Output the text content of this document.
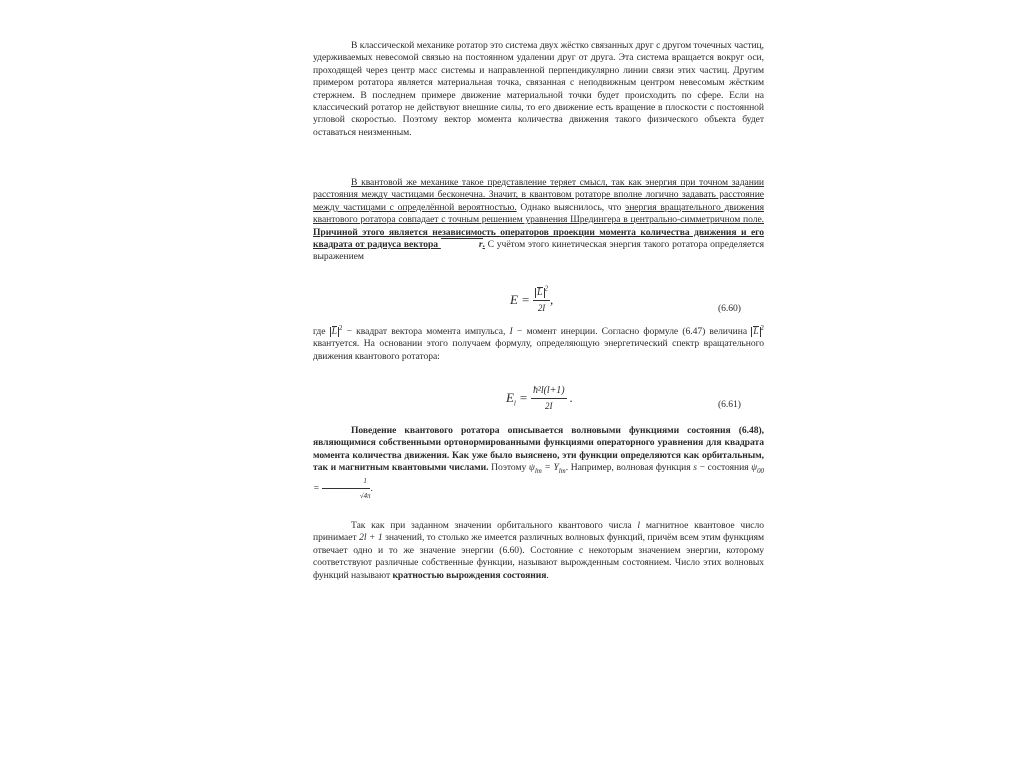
В классической механике ротатор это система двух жёстко связанных друг с другом точечных частиц, удерживаемых невесомой связью на постоянном удалении друг от друга. Эта система вращается вокруг оси, проходящей через центр масс системы и направленной перпендикулярно линии связи этих частиц. Другим примером ротатора является материальная точка, связанная с неподвижным центром невесомым жёстким стержнем. В последнем примере движение материальной точки будет происходить по сфере. Если на классический ротатор не действуют внешние силы, то его движение есть вращение в плоскости с постоянной угловой скоростью. Поэтому вектор момента количества движения такого физического объекта будет оставаться неизменным.

В квантовой же механике такое представление теряет смысл, так как энергия при точном задании расстояния между частицами бесконечна. Значит, в квантовом ротаторе вполне логично задавать расстояние между частицами с определённой вероятностью. Однако выяснилось, что энергия вращательного движения квантового ротатора совпадает с точным решением уравнения Шредингера в центрально-симметричном поле. Причиной этого является независимость операторов проекции момента количества движения и его квадрата от радиуса вектора	r. С учётом этого кинетическая энергия такого ротатора определяется выражением

$E = \frac{L ^2}{2I}$ ,
(6.60)

где L $^2$ − квадрат вектора момента импульса, I − момент инерции. Согласно формуле (6.47) величина L $^2$ квантуется. На основании этого получаем формулу, определяющую энергетический спектр вращательного движения квантового ротатора:

$E_l = \frac{\text{ħ²l(l+1)}}{2I}$ .	(6.61)

Поведение квантового ротатора описывается волновыми функциями состояния (6.48), являющимися собственными ортонормированными функциями операторного уравнения для квадрата момента количества движения. Как уже было выяснено, эти функции определяются как орбитальным, так и магнитным квантовыми числами. Поэтому $\psi_{lm} = Y_{lm}$. Например, волновая функция s − состояния $\psi_{00} = \frac{1}{√4\pi}$ .

Так как при заданном значении орбитального квантового числа l магнитное квантовое число принимает 2l + 1 значений, то столько же имеется различных волновых функций, причём всем этим функциям отвечает одно и то же значение энергии (6.60). Состояние с некоторым значением энергии, которому соответствуют различные собственные функции, называют вырожденным состоянием. Число этих волновых функций называют кратностью вырождения состояния.
